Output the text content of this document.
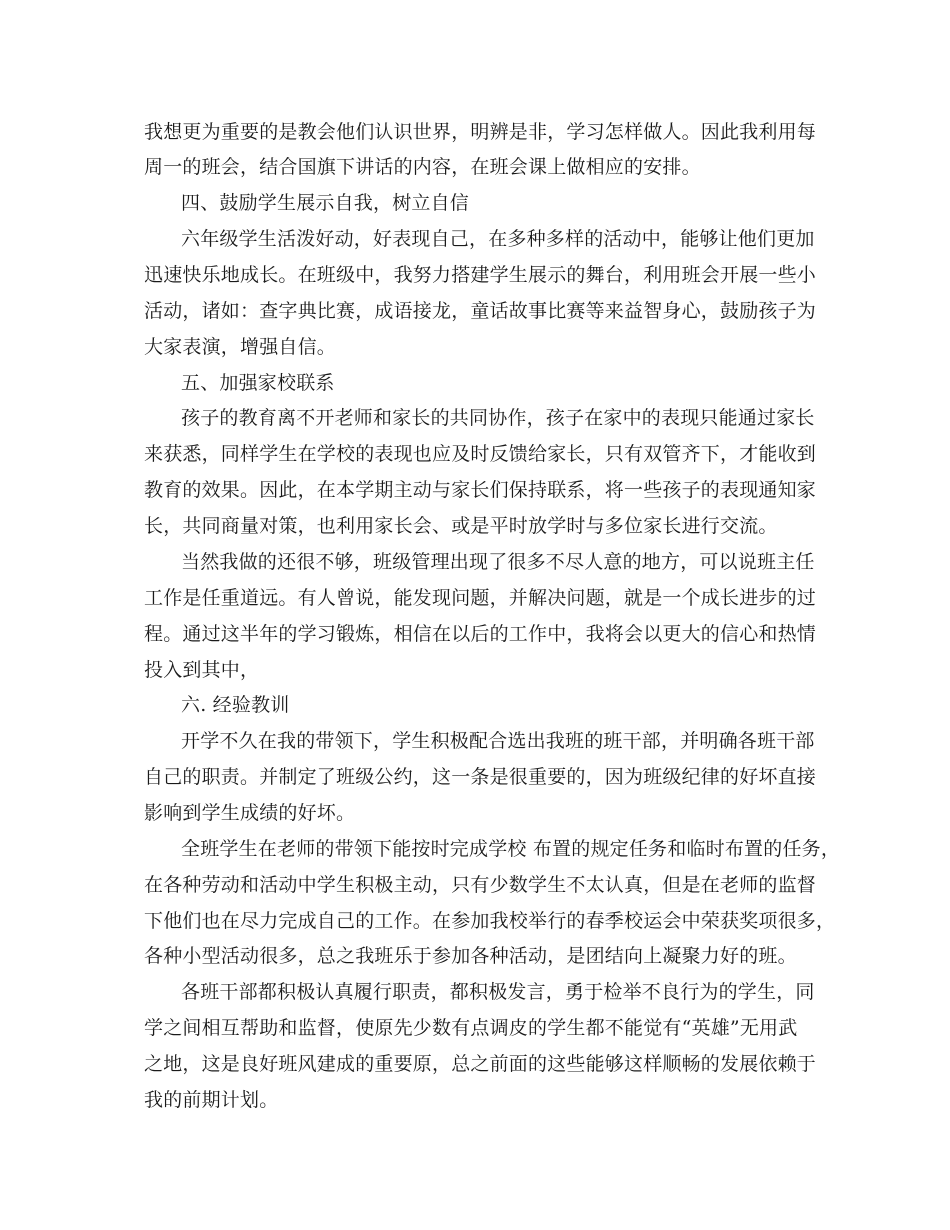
我想更为重要的是教会他们认识世界，明辨是非，学习怎样做人。因此我利用每
周一的班会，结合国旗下讲话的内容，在班会课上做相应的安排。
四、鼓励学生展示自我，树立自信
六年级学生活泼好动，好表现自己，在多种多样的活动中，能够让他们更加
迅速快乐地成长。在班级中，我努力搭建学生展示的舞台，利用班会开展一些小
活动，诸如：查字典比赛，成语接龙，童话故事比赛等来益智身心，鼓励孩子为
大家表演，增强自信。
五、加强家校联系
孩子的教育离不开老师和家长的共同协作，孩子在家中的表现只能通过家长
来获悉，同样学生在学校的表现也应及时反馈给家长，只有双管齐下，才能收到
教育的效果。因此，在本学期主动与家长们保持联系，将一些孩子的表现通知家
长，共同商量对策，也利用家长会、或是平时放学时与多位家长进行交流。
当然我做的还很不够，班级管理出现了很多不尽人意的地方，可以说班主任
工作是任重道远。有人曾说，能发现问题，并解决问题，就是一个成长进步的过
程。通过这半年的学习锻炼，相信在以后的工作中，我将会以更大的信心和热情
投入到其中，
六. 经验教训
开学不久在我的带领下，学生积极配合选出我班的班干部，并明确各班干部
自己的职责。并制定了班级公约，这一条是很重要的，因为班级纪律的好坏直接
影响到学生成绩的好坏。
全班学生在老师的带领下能按时完成学校 布置的规定任务和临时布置的任务，
在各种劳动和活动中学生积极主动，只有少数学生不太认真，但是在老师的监督
下他们也在尽力完成自己的工作。在参加我校举行的春季校运会中荣获奖项很多，
各种小型活动很多，总之我班乐于参加各种活动，是团结向上凝聚力好的班。
各班干部都积极认真履行职责，都积极发言，勇于检举不良行为的学生，同
学之间相互帮助和监督，使原先少数有点调皮的学生都不能觉有“英雄”无用武
之地，这是良好班风建成的重要原，总之前面的这些能够这样顺畅的发展依赖于
我的前期计划。
